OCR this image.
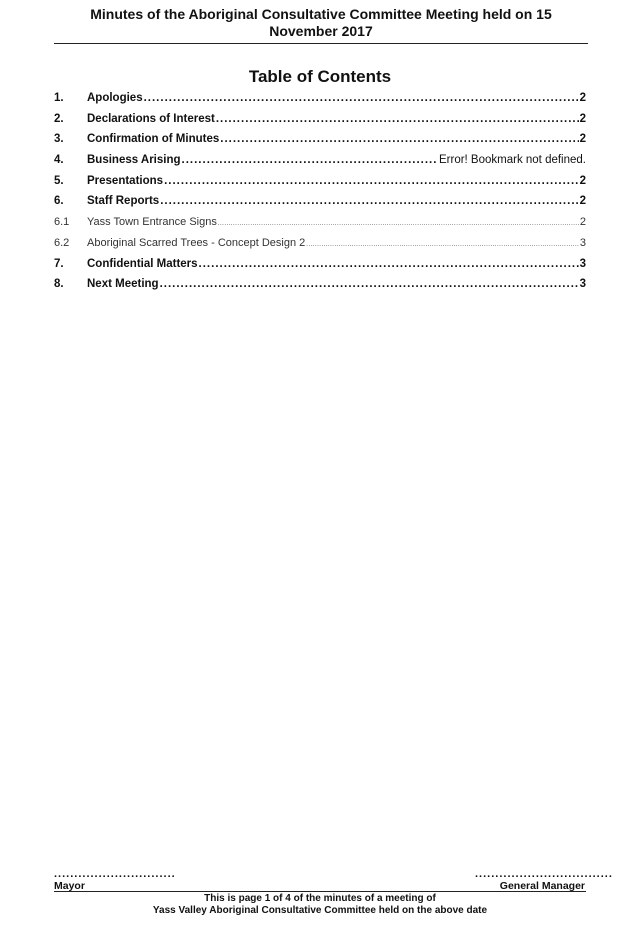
Minutes of the Aboriginal Consultative Committee Meeting held on 15
November 2017
Table of Contents
1.	Apologies .....	2
2.	Declarations of Interest .....	2
3.	Confirmation of Minutes .....	2
4.	Business Arising .....	Error! Bookmark not defined.
5.	Presentations .....	2
6.	Staff Reports .....	2
6.1	Yass Town Entrance Signs .....	2
6.2	Aboriginal Scarred Trees - Concept Design 2 .....	3
7.	Confidential Matters .....	3
8.	Next Meeting .....	3
..............................
Mayor
..................................
General Manager
This is page 1 of 4 of the minutes of a meeting of
Yass Valley Aboriginal Consultative Committee held on the above date
